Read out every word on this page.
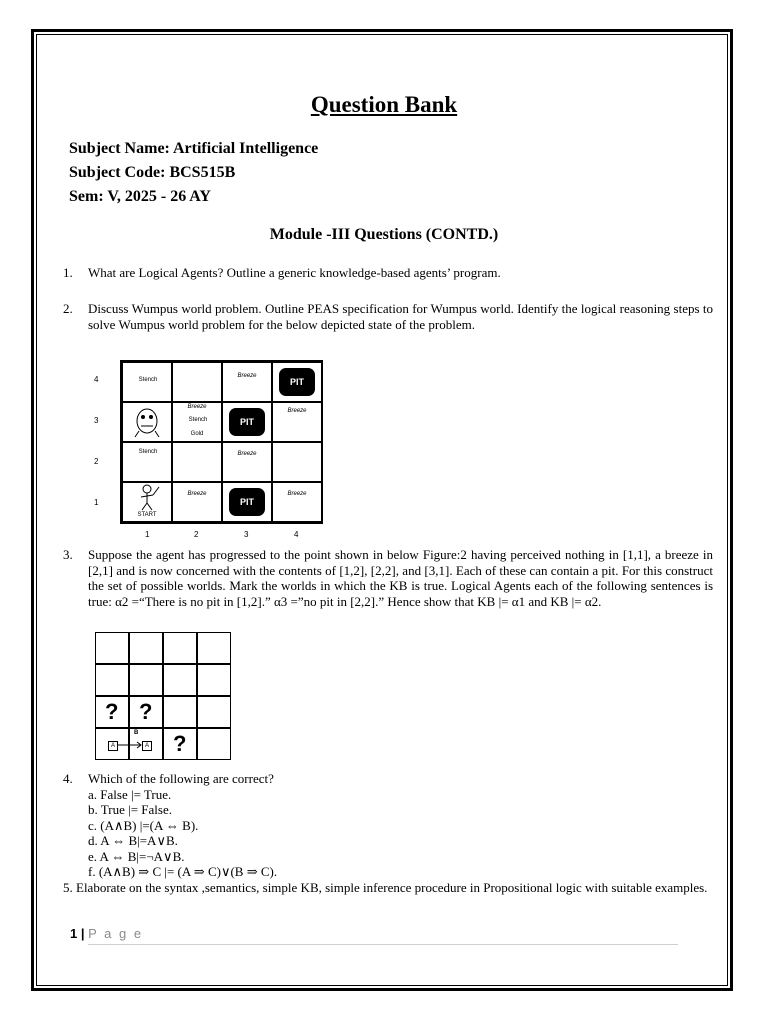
Question Bank
Subject Name: Artificial Intelligence
Subject Code: BCS515B
Sem: V, 2025 - 26 AY
Module -III Questions (CONTD.)
1. What are Logical Agents? Outline a generic knowledge-based agents’ program.
2. Discuss Wumpus world problem. Outline PEAS specification for Wumpus world. Identify the logical reasoning steps to solve Wumpus world problem for the below depicted state of the problem.
4
3
2
1
1	2	3	4
Stench
Breeze
PIT
Breeze
Stench
Gold
PIT
Breeze
Stench	Breeze
START
Breeze
PIT
Breeze
3. Suppose the agent has progressed to the point shown in below Figure:2 having perceived nothing in [1,1], a breeze in [2,1] and is now concerned with the contents of [1,2], [2,2], and [3,1]. Each of these can contain a pit. For this construct the set of possible worlds. Mark the worlds in which the KB is true. Logical Agents each of the following sentences is true: α2 =“There is no pit in [1,2].” α3 =”no pit in [2,2].” Hence show that KB |= α1 and KB |= α2.
? ?
A
B
A ?
4. Which of the following are correct?
a. False |= True.
b. True |= False.
c. (A∧B) |=(A ⇔ B).
d. A ⇔ B|=A∨B.
e. A ⇔ B|=¬A∨B.
f. (A∧B) ⇒ C |= (A ⇒ C)∨(B ⇒ C).
5. Elaborate on the syntax ,semantics, simple KB, simple inference procedure in Propositional logic with suitable examples.
1 | P a g e
